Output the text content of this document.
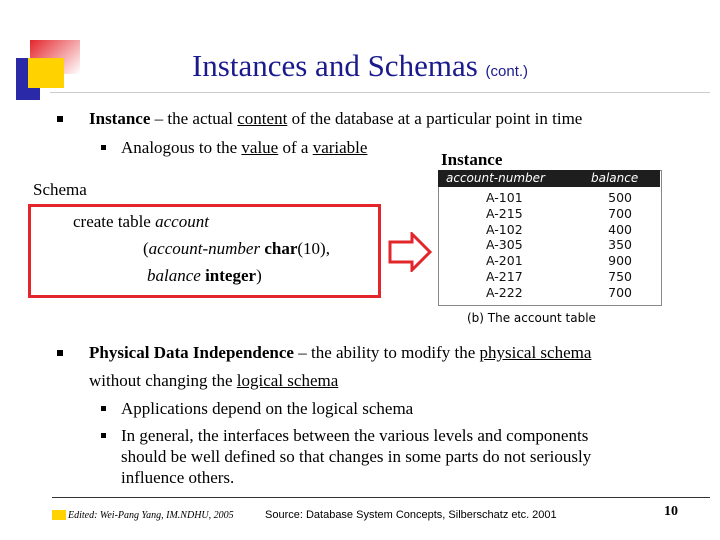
Instances and Schemas (cont.)
Instance – the actual content of the database at a particular point in time
Analogous to the value of a variable
Instance
Schema
create table account
(account-number char(10),
balance integer)
account-number	balance
A-101	500
A-215	700
A-102	400
A-305	350
A-201	900
A-217	750
A-222	700
(b) The account table
Physical Data Independence – the ability to modify the physical schema
without changing the logical schema
Applications depend on the logical schema
In general, the interfaces between the various levels and components
should be well defined so that changes in some parts do not seriously
influence others.
Edited: Wei-Pang Yang, IM.NDHU, 2005	Source: Database System Concepts, Silberschatz etc. 2001	10
